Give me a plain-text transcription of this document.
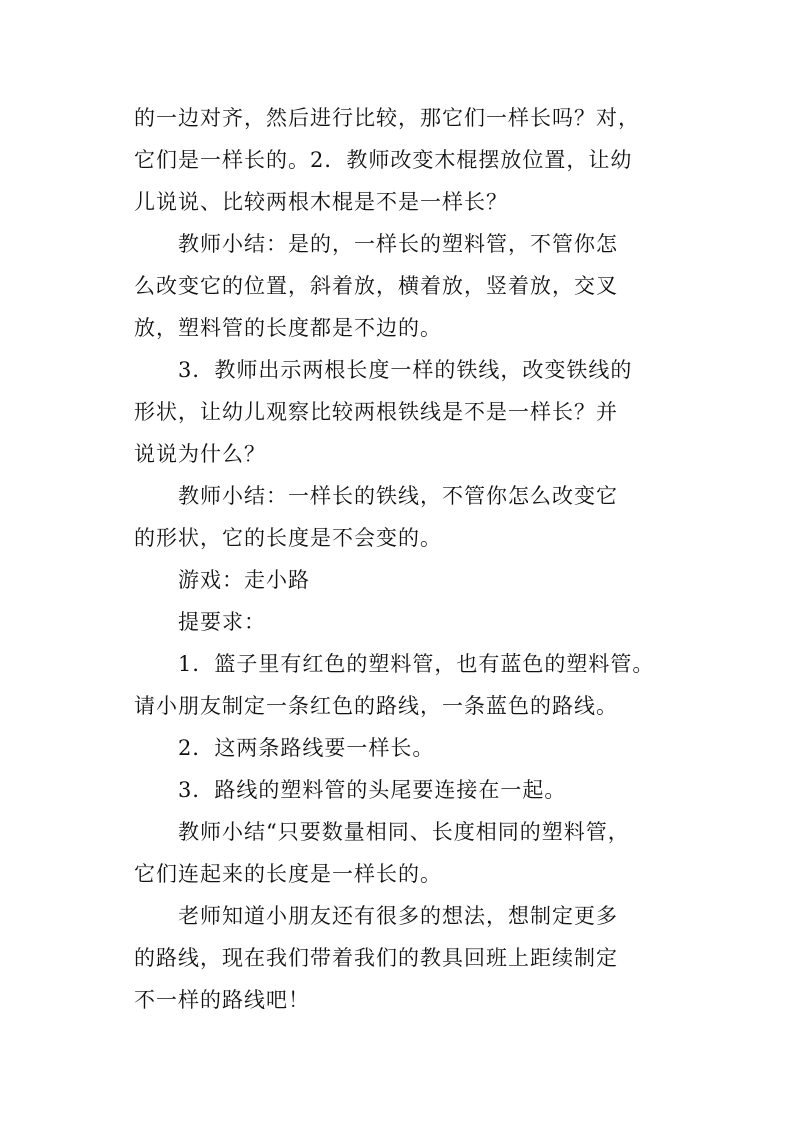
的一边对齐，然后进行比较，那它们一样长吗？对，
它们是一样长的。2．教师改变木棍摆放位置，让幼
儿说说、比较两根木棍是不是一样长？
教师小结：是的，一样长的塑料管，不管你怎
么改变它的位置，斜着放，横着放，竖着放，交叉
放，塑料管的长度都是不边的。
3．教师出示两根长度一样的铁线，改变铁线的
形状，让幼儿观察比较两根铁线是不是一样长？并
说说为什么？
教师小结：一样长的铁线，不管你怎么改变它
的形状，它的长度是不会变的。
游戏：走小路
提要求：
1．篮子里有红色的塑料管，也有蓝色的塑料管。
请小朋友制定一条红色的路线，一条蓝色的路线。
2．这两条路线要一样长。
3．路线的塑料管的头尾要连接在一起。
教师小结“只要数量相同、长度相同的塑料管，
它们连起来的长度是一样长的。
老师知道小朋友还有很多的想法，想制定更多
的路线，现在我们带着我们的教具回班上距续制定
不一样的路线吧！
